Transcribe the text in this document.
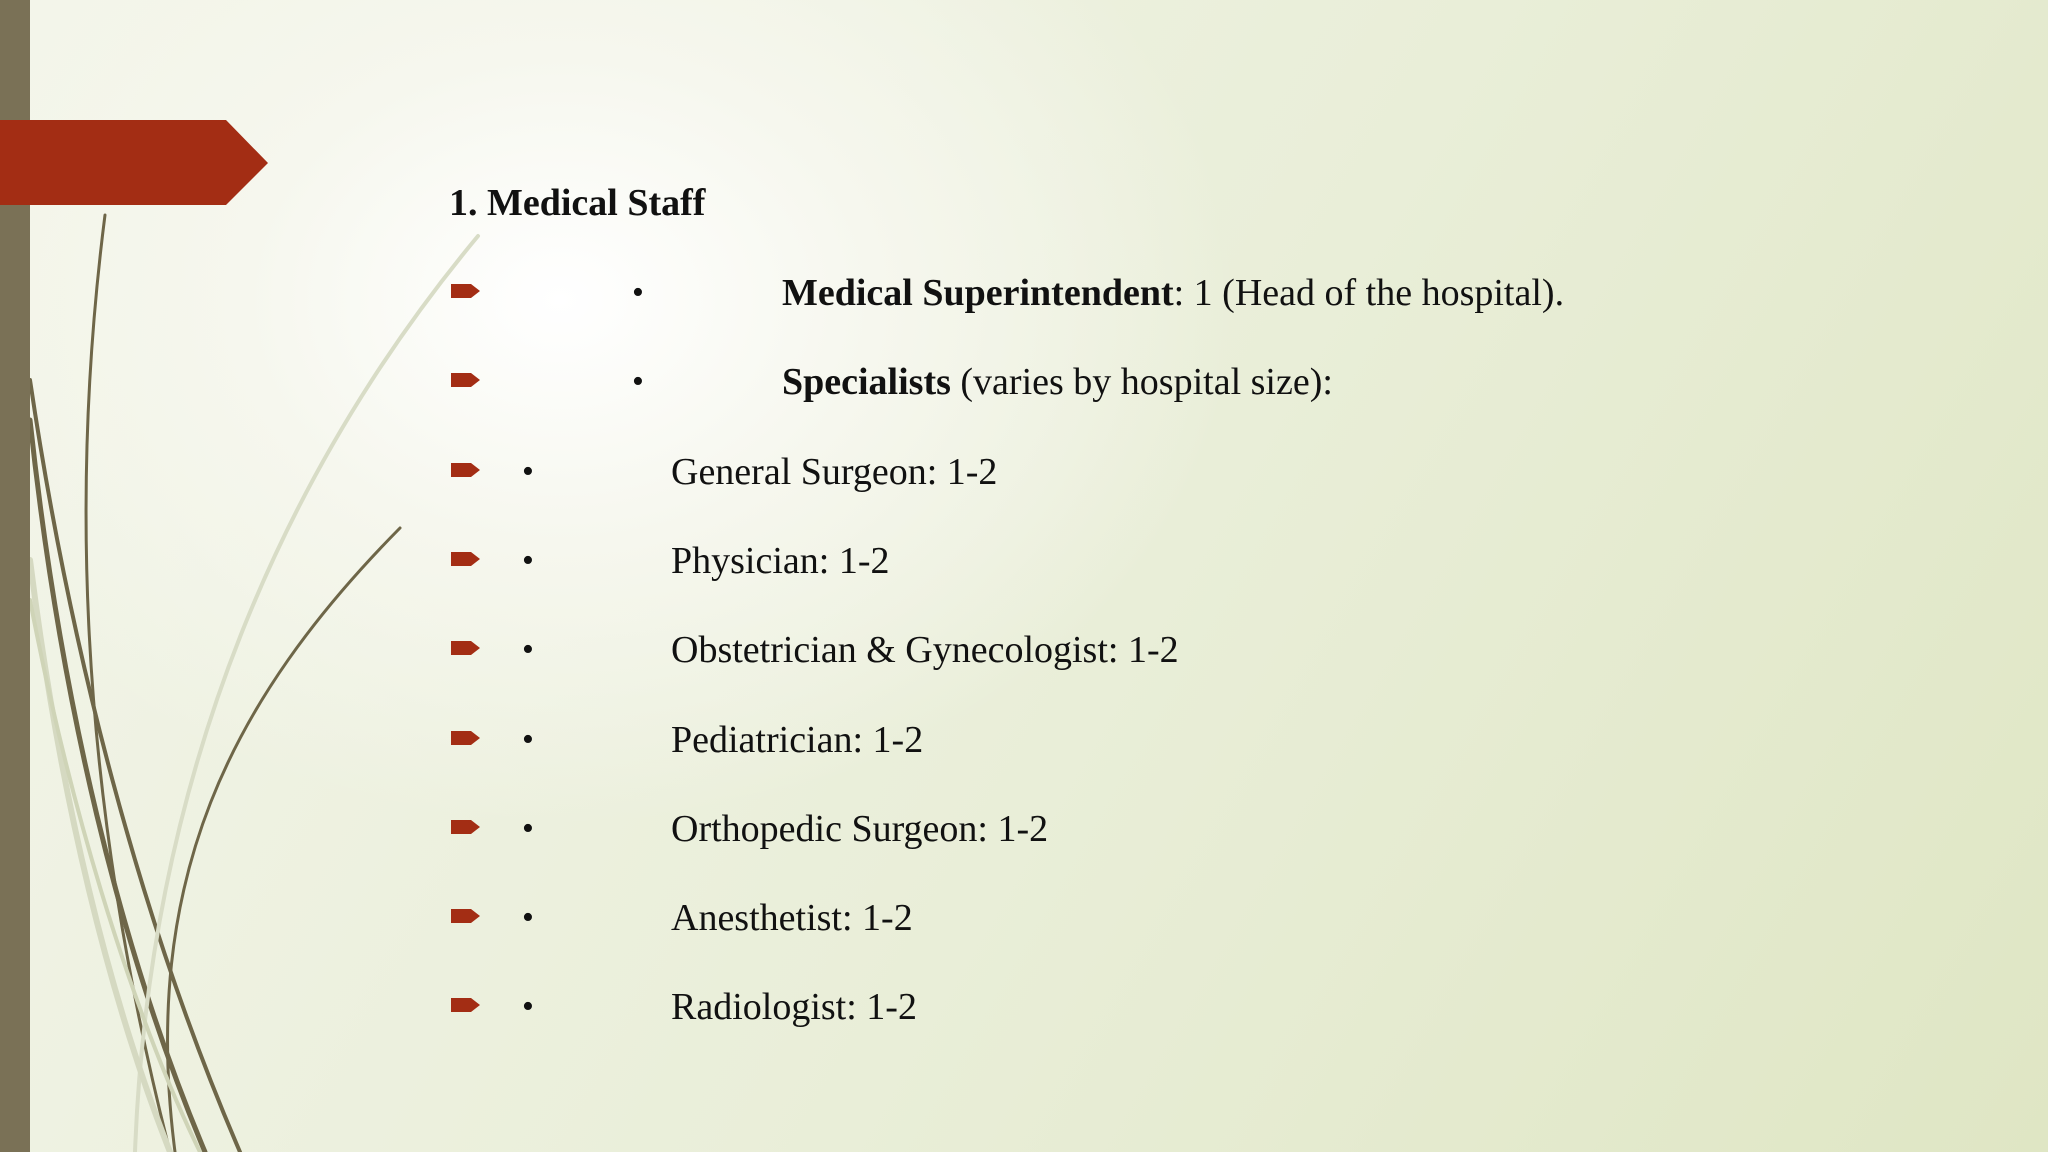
1. Medical Staff
•	Medical Superintendent: 1 (Head of the hospital).
•	Specialists (varies by hospital size):
•	General Surgeon: 1-2
•	Physician: 1-2
•	Obstetrician & Gynecologist: 1-2
•	Pediatrician: 1-2
•	Orthopedic Surgeon: 1-2
•	Anesthetist: 1-2
•	Radiologist: 1-2
